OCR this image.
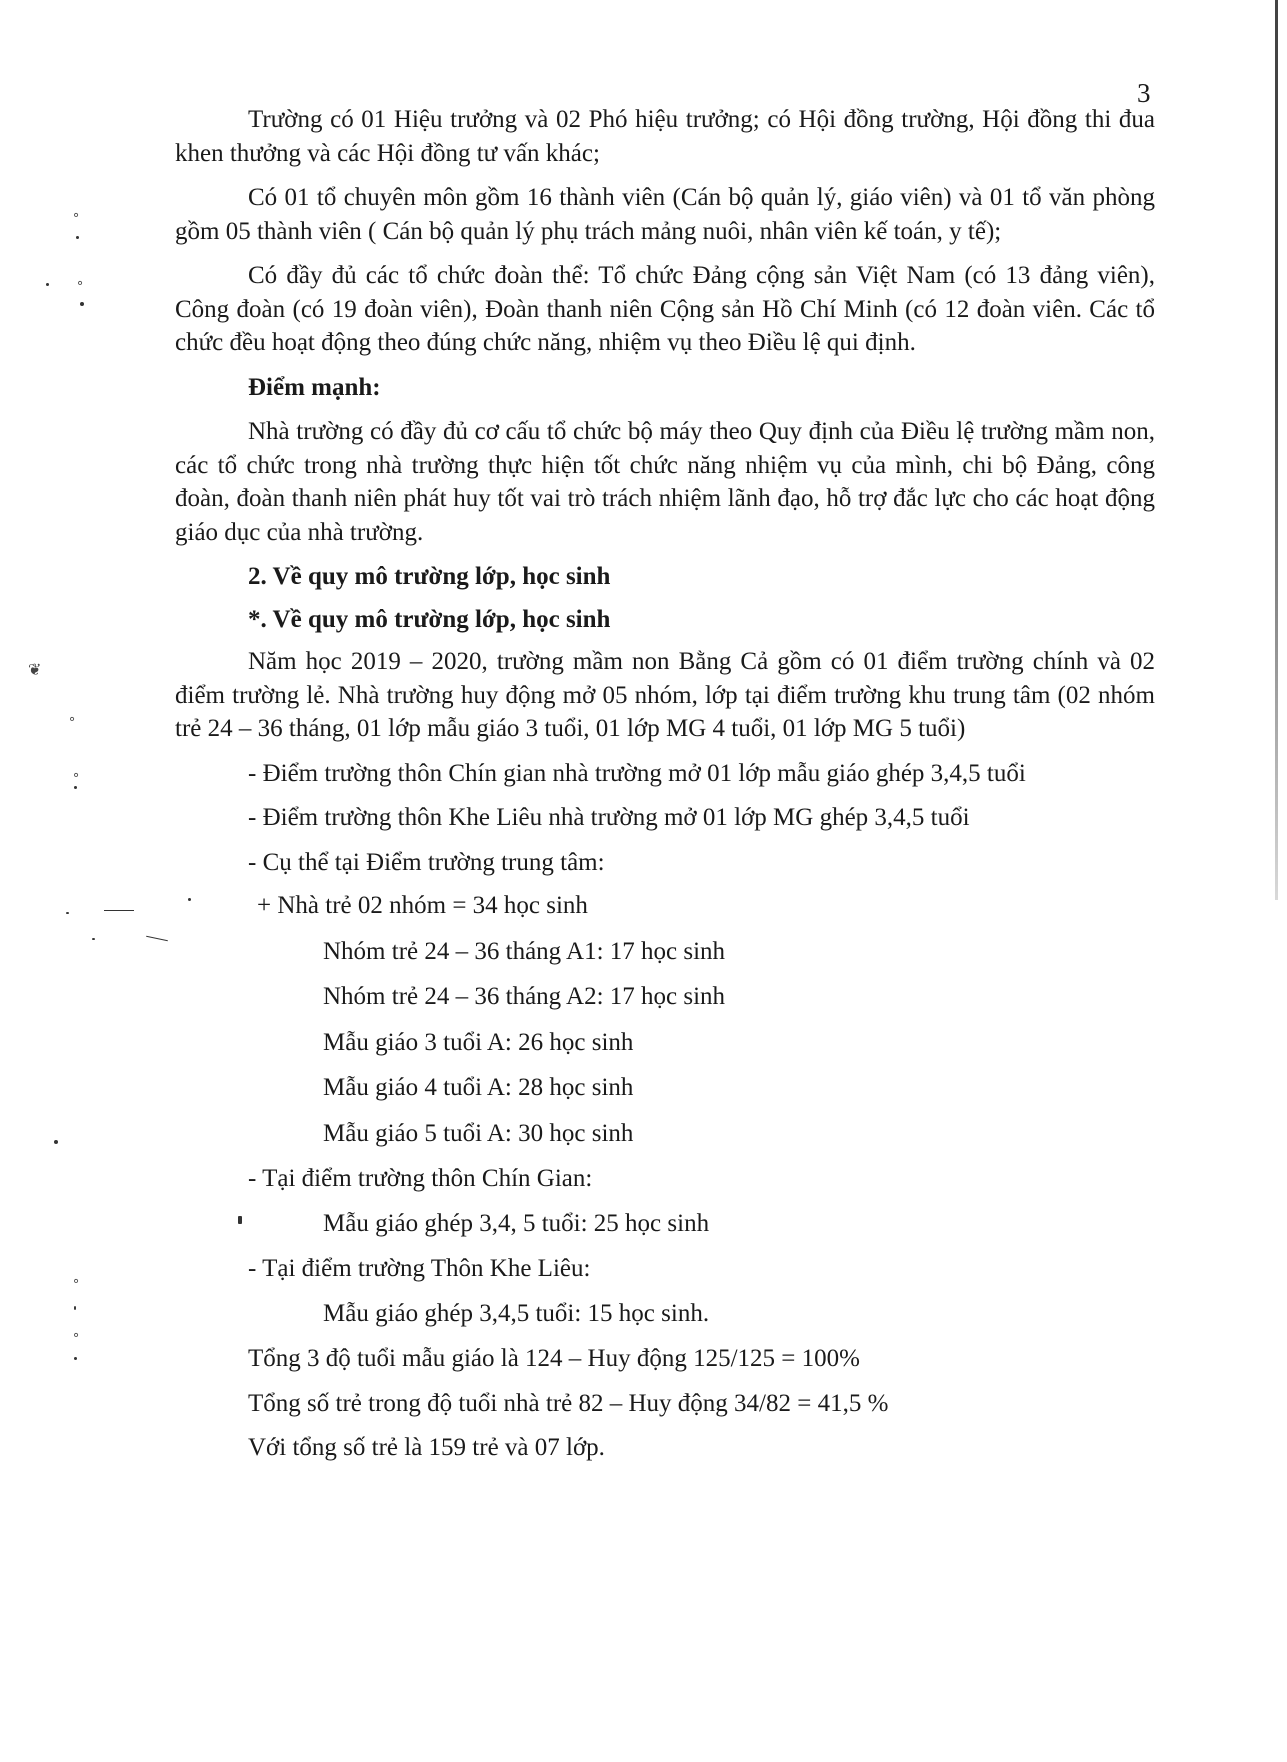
3
∘
∘
❦
∘
∘
∘
∘

Trường có 01 Hiệu trưởng và 02 Phó hiệu trưởng; có Hội đồng trường, Hội đồng thi đua khen thưởng và các Hội đồng tư vấn khác;

Có 01 tổ chuyên môn gồm 16 thành viên (Cán bộ quản lý, giáo viên) và 01 tổ văn phòng gồm 05 thành viên ( Cán bộ quản lý phụ trách mảng nuôi, nhân viên kế toán, y tế);

Có đầy đủ các tổ chức đoàn thể: Tổ chức Đảng cộng sản Việt Nam (có 13 đảng viên), Công đoàn (có 19 đoàn viên), Đoàn thanh niên Cộng sản Hồ Chí Minh (có 12 đoàn viên. Các tổ chức đều hoạt động theo đúng chức năng, nhiệm vụ theo Điều lệ qui định.

Điểm mạnh:

Nhà trường có đầy đủ cơ cấu tổ chức bộ máy theo Quy định của Điều lệ trường mầm non, các tổ chức trong nhà trường thực hiện tốt chức năng nhiệm vụ của mình, chi bộ Đảng, công đoàn, đoàn thanh niên phát huy tốt vai trò trách nhiệm lãnh đạo, hỗ trợ đắc lực cho các hoạt động giáo dục của nhà trường.

2. Về quy mô trường lớp, học sinh

*. Về quy mô trường lớp, học sinh

Năm học 2019 – 2020, trường mầm non Bằng Cả gồm có 01 điểm trường chính và 02 điểm trường lẻ. Nhà trường huy động mở 05 nhóm, lớp tại điểm trường khu trung tâm (02 nhóm trẻ 24 – 36 tháng, 01 lớp mẫu giáo 3 tuổi, 01 lớp MG 4 tuổi, 01 lớp MG 5 tuổi)

- Điểm trường thôn Chín gian nhà trường mở 01 lớp mẫu giáo ghép 3,4,5 tuổi

- Điểm trường thôn Khe Liêu nhà trường mở 01 lớp MG ghép 3,4,5 tuổi

- Cụ thể tại Điểm trường trung tâm:

+ Nhà trẻ 02 nhóm = 34 học sinh

Nhóm trẻ 24 – 36 tháng A1: 17 học sinh

Nhóm trẻ 24 – 36 tháng A2: 17 học sinh

Mẫu giáo 3 tuổi A: 26 học sinh

Mẫu giáo 4 tuổi A: 28 học sinh

Mẫu giáo 5 tuổi A: 30 học sinh

- Tại điểm trường thôn Chín Gian:

Mẫu giáo ghép 3,4, 5 tuổi: 25 học sinh

- Tại điểm trường Thôn Khe Liêu:

Mẫu giáo ghép 3,4,5 tuổi: 15 học sinh.

Tổng 3 độ tuổi mẫu giáo là 124 – Huy động 125/125 = 100%

Tổng số trẻ trong độ tuổi nhà trẻ 82 – Huy động 34/82 = 41,5 %

Với tổng số trẻ là 159 trẻ và 07 lớp.
